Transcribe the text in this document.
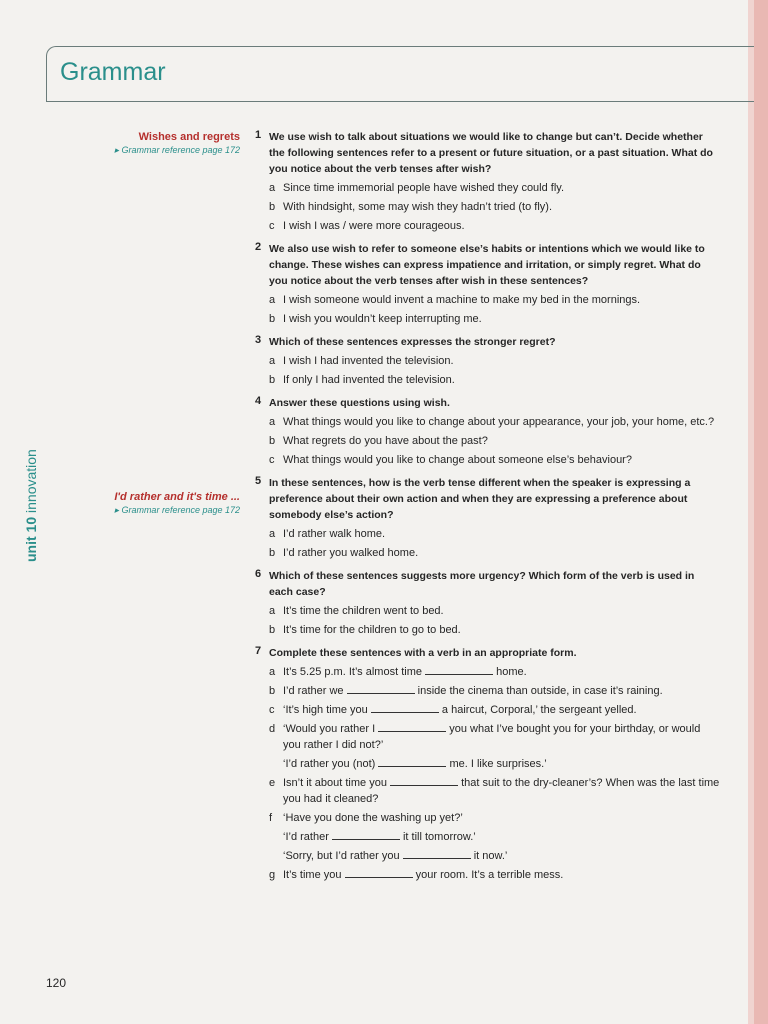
Grammar
Wishes and regrets
▸ Grammar reference page 172
I'd rather and it's time ...
▸ Grammar reference page 172
unit 10 innovation
1 We use wish to talk about situations we would like to change but can’t. Decide whether the following sentences refer to a present or future situation, or a past situation. What do you notice about the verb tenses after wish?
a Since time immemorial people have wished they could fly.
b With hindsight, some may wish they hadn’t tried (to fly).
c I wish I was / were more courageous.
2 We also use wish to refer to someone else’s habits or intentions which we would like to change. These wishes can express impatience and irritation, or simply regret. What do you notice about the verb tenses after wish in these sentences?
a I wish someone would invent a machine to make my bed in the mornings.
b I wish you wouldn’t keep interrupting me.
3 Which of these sentences expresses the stronger regret?
a I wish I had invented the television.
b If only I had invented the television.
4 Answer these questions using wish.
a What things would you like to change about your appearance, your job, your home, etc.?
b What regrets do you have about the past?
c What things would you like to change about someone else’s behaviour?
5 In these sentences, how is the verb tense different when the speaker is expressing a preference about their own action and when they are expressing a preference about somebody else’s action?
a I’d rather walk home.
b I’d rather you walked home.
6 Which of these sentences suggests more urgency? Which form of the verb is used in each case?
a It’s time the children went to bed.
b It’s time for the children to go to bed.
7 Complete these sentences with a verb in an appropriate form.
a It’s 5.25 p.m. It’s almost time	home.
b I’d rather we	inside the cinema than outside, in case it’s raining.
c ‘It’s high time you	a haircut, Corporal,’ the sergeant yelled.
d ‘Would you rather I	you what I’ve bought you for your birthday, or would you rather I did not?’
‘I’d rather you (not)	me. I like surprises.’
e Isn’t it about time you	that suit to the dry-cleaner’s? When was the last time you had it cleaned?
f ‘Have you done the washing up yet?’
‘I’d rather	it till tomorrow.’
‘Sorry, but I’d rather you	it now.’
g It’s time you	your room. It’s a terrible mess.
120
